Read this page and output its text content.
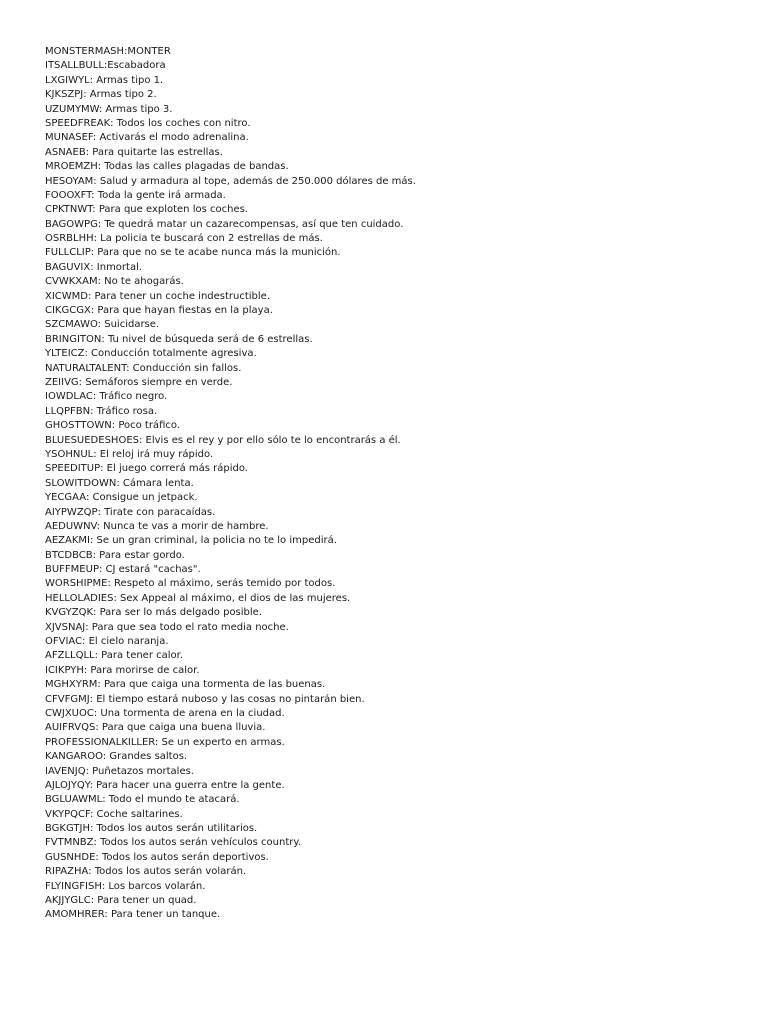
MONSTERMASH:MONTER
ITSALLBULL:Escabadora
LXGIWYL: Armas tipo 1.
KJKSZPJ: Armas tipo 2.
UZUMYMW: Armas tipo 3.
SPEEDFREAK: Todos los coches con nitro.
MUNASEF: Activarás el modo adrenalina.
ASNAEB: Para quitarte las estrellas.
MROEMZH: Todas las calles plagadas de bandas.
HESOYAM: Salud y armadura al tope, además de 250.000 dólares de más.
FOOOXFT: Toda la gente irá armada.
CPKTNWT: Para que exploten los coches.
BAGOWPG: Te quedrá matar un cazarecompensas, así que ten cuidado.
OSRBLHH: La policia te buscará con 2 estrellas de más.
FULLCLIP: Para que no se te acabe nunca más la munición.
BAGUVIX: Inmortal.
CVWKXAM: No te ahogarás.
XICWMD: Para tener un coche indestructible.
CIKGCGX: Para que hayan fiestas en la playa.
SZCMAWO: Suicidarse.
BRINGITON: Tu nivel de búsqueda será de 6 estrellas.
YLTEICZ: Conducción totalmente agresiva.
NATURALTALENT: Conducción sin fallos.
ZEIIVG: Semáforos siempre en verde.
IOWDLAC: Tráfico negro.
LLQPFBN: Tráfico rosa.
GHOSTTOWN: Poco tráfico.
BLUESUEDESHOES: Elvis es el rey y por ello sólo te lo encontrarás a él.
YSOHNUL: El reloj irá muy rápido.
SPEEDITUP: El juego correrá más rápido.
SLOWITDOWN: Cámara lenta.
YECGAA: Consigue un jetpack.
AIYPWZQP: Tirate con paracaídas.
AEDUWNV: Nunca te vas a morir de hambre.
AEZAKMI: Se un gran criminal, la policia no te lo impedirá.
BTCDBCB: Para estar gordo.
BUFFMEUP: CJ estará "cachas".
WORSHIPME: Respeto al máximo, serás temido por todos.
HELLOLADIES: Sex Appeal al máximo, el dios de las mujeres.
KVGYZQK: Para ser lo más delgado posible.
XJVSNAJ: Para que sea todo el rato media noche.
OFVIAC: El cielo naranja.
AFZLLQLL: Para tener calor.
ICIKPYH: Para morirse de calor.
MGHXYRM: Para que caiga una tormenta de las buenas.
CFVFGMJ: El tiempo estará nuboso y las cosas no pintarán bien.
CWJXUOC: Una tormenta de arena en la ciudad.
AUIFRVQS: Para que caiga una buena lluvia.
PROFESSIONALKILLER: Se un experto en armas.
KANGAROO: Grandes saltos.
IAVENJQ: Puñetazos mortales.
AJLOJYQY: Para hacer una guerra entre la gente.
BGLUAWML: Todo el mundo te atacará.
VKYPQCF: Coche saltarines.
BGKGTJH: Todos los autos serán utilitarios.
FVTMNBZ: Todos los autos serán vehículos country.
GUSNHDE: Todos los autos serán deportivos.
RIPAZHA: Todos los autos serán volarán.
FLYINGFISH: Los barcos volarán.
AKJJYGLC: Para tener un quad.
AMOMHRER: Para tener un tanque.
